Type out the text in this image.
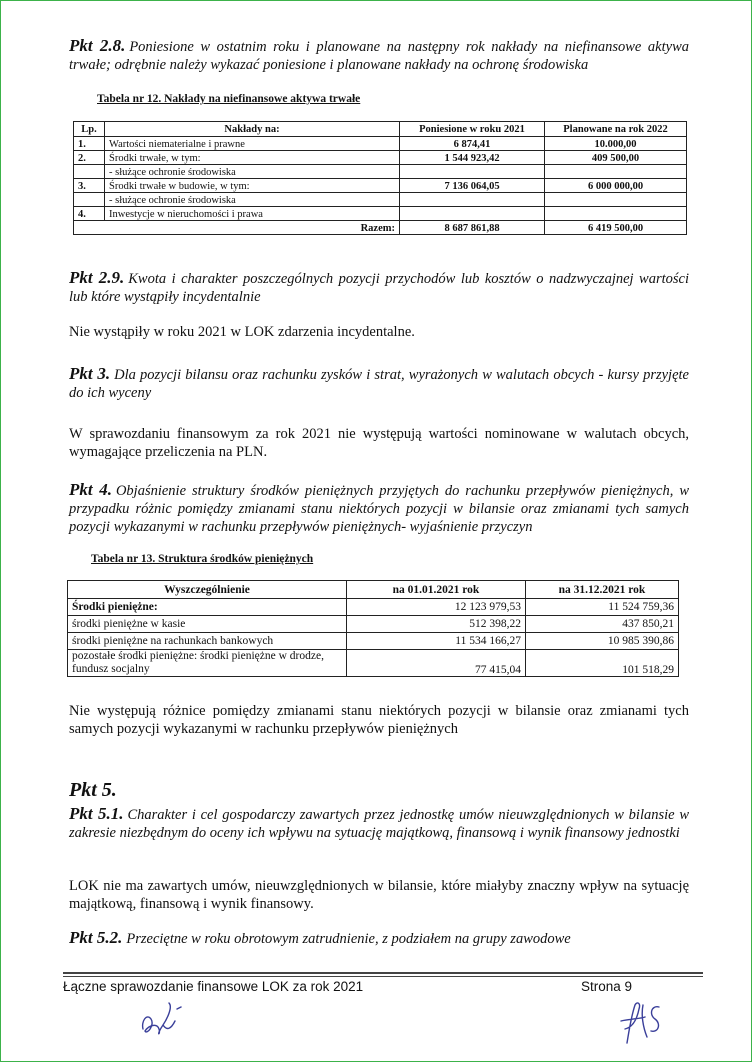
Pkt 2.8. Poniesione w ostatnim roku i planowane na następny rok nakłady na niefinansowe aktywa trwałe; odrębnie należy wykazać poniesione i planowane nakłady na ochronę środowiska
Tabela nr 12. Nakłady na niefinansowe aktywa trwałe
Lp.	Nakłady na:	Poniesione w roku 2021	Planowane na rok 2022
1.	Wartości niematerialne i prawne	6 874,41	10.000,00
2.	Środki trwałe, w tym:	1 544 923,42	409 500,00
	- służące ochronie środowiska		
3.	Środki trwałe w budowie, w tym:	7 136 064,05	6 000 000,00
	- służące ochronie środowiska		
4.	Inwestycje w nieruchomości i prawa		
Razem:		8 687 861,88	6 419 500,00
Pkt 2.9. Kwota i charakter poszczególnych pozycji przychodów lub kosztów o nadzwyczajnej wartości lub które wystąpiły incydentalnie
Nie wystąpiły w roku 2021 w LOK zdarzenia incydentalne.
Pkt 3. Dla pozycji bilansu oraz rachunku zysków i strat, wyrażonych w walutach obcych - kursy przyjęte do ich wyceny
W sprawozdaniu finansowym za rok 2021 nie występują wartości nominowane w walutach obcych, wymagające przeliczenia na PLN.
Pkt 4. Objaśnienie struktury środków pieniężnych przyjętych do rachunku przepływów pieniężnych, w przypadku różnic pomiędzy zmianami stanu niektórych pozycji w bilansie oraz zmianami tych samych pozycji wykazanymi w rachunku przepływów pieniężnych- wyjaśnienie przyczyn
Tabela nr 13. Struktura środków pieniężnych
Wyszczególnienie	na 01.01.2021 rok	na 31.12.2021 rok
Środki pieniężne:	12 123 979,53	11 524 759,36
środki pieniężne w kasie	512 398,22	437 850,21
środki pieniężne na rachunkach bankowych	11 534 166,27	10 985 390,86
pozostałe środki pieniężne: środki pieniężne w drodze, fundusz socjalny	77 415,04	101 518,29
Nie występują różnice pomiędzy zmianami stanu niektórych pozycji w bilansie oraz zmianami tych samych pozycji wykazanymi w rachunku przepływów pieniężnych
Pkt 5.
Pkt 5.1. Charakter i cel gospodarczy zawartych przez jednostkę umów nieuwzględnionych w bilansie w zakresie niezbędnym do oceny ich wpływu na sytuację majątkową, finansową i wynik finansowy jednostki
LOK nie ma zawartych umów, nieuwzględnionych w bilansie, które miałyby znaczny wpływ na sytuację majątkową, finansową i wynik finansowy.
Pkt 5.2. Przeciętne w roku obrotowym zatrudnienie, z podziałem na grupy zawodowe
Łączne sprawozdanie finansowe LOK za rok 2021	Strona 9
